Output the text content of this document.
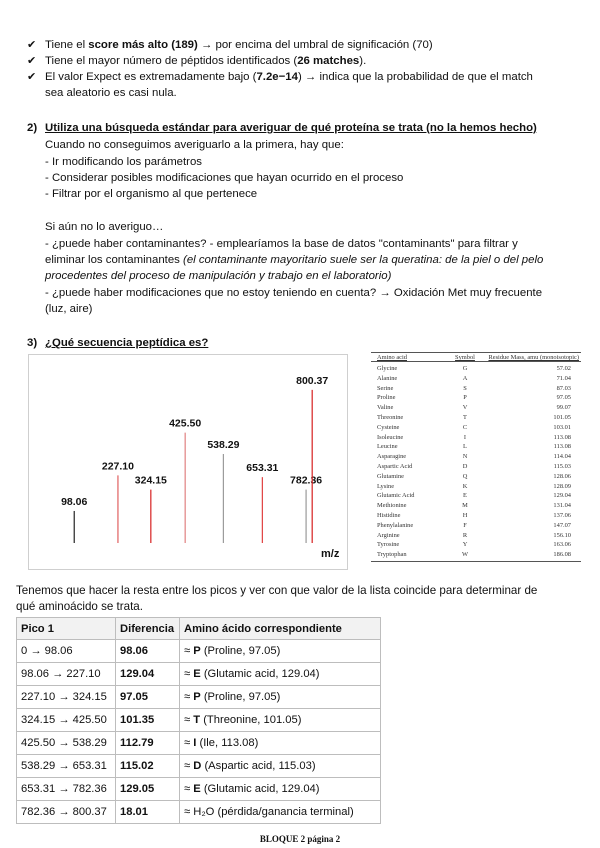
✔ Tiene el score más alto (189) → por encima del umbral de significación (70)
✔ Tiene el mayor número de péptidos identificados (26 matches).
✔ El valor Expect es extremadamente bajo (7.2e−14) → indica que la probabilidad de que el match
sea aleatorio es casi nula.
2) Utiliza una búsqueda estándar para averiguar de qué proteína se trata (no la hemos hecho)
Cuando no conseguimos averiguarlo a la primera, hay que:
- Ir modificando los parámetros
- Considerar posibles modificaciones que hayan ocurrido en el proceso
- Filtrar por el organismo al que pertenece
Si aún no lo averiguo…
- ¿puede haber contaminantes? - emplearíamos la base de datos "contaminants" para filtrar y
eliminar los contaminantes (el contaminante mayoritario suele ser la queratina: de la piel o del pelo
procedentes del proceso de manipulación y trabajo en el laboratorio)
- ¿puede haber modificaciones que no estoy teniendo en cuenta? → Oxidación Met muy frecuente
(luz, aire)
3) ¿Qué secuencia peptídica es?
m/z
98.06
227.10
324.15
425.50
538.29
653.31
782.36
800.37
Amino acid	Symbol Residue Mass, amu (monoisotopic)
Glycine	G	57.02
Alanine	A	71.04
Serine	S	87.03
Proline	P	97.05
Valine	V	99.07
Threonine	T	101.05
Cysteine	C	103.01
Isoleucine	I	113.08
Leucine	L	113.08
Asparagine	N	114.04
Aspartic Acid	D	115.03
Glutamine	Q	128.06
Lysine	K	128.09
Glutamic Acid	E	129.04
Methionine	M	131.04
Histidine	H	137.06
Phenylalanine	F	147.07
Arginine	R	156.10
Tyrosine	Y	163.06
Tryptophan	W	186.08
Tenemos que hacer la resta entre los picos y ver con que valor de la lista coincide para determinar de
qué aminoácido se trata.
Pico 1	Diferencia	Amino ácido correspondiente
0 → 98.06	98.06	≈ P (Proline, 97.05)
98.06 → 227.10	129.04	≈ E (Glutamic acid, 129.04)
227.10 → 324.15	97.05	≈ P (Proline, 97.05)
324.15 → 425.50	101.35	≈ T (Threonine, 101.05)
425.50 → 538.29	112.79	≈ I (Ile, 113.08)
538.29 → 653.31	115.02	≈ D (Aspartic acid, 115.03)
653.31 → 782.36	129.05	≈ E (Glutamic acid, 129.04)
782.36 → 800.37	18.01	≈ H₂O (pérdida/ganancia terminal)
BLOQUE 2 página 2
